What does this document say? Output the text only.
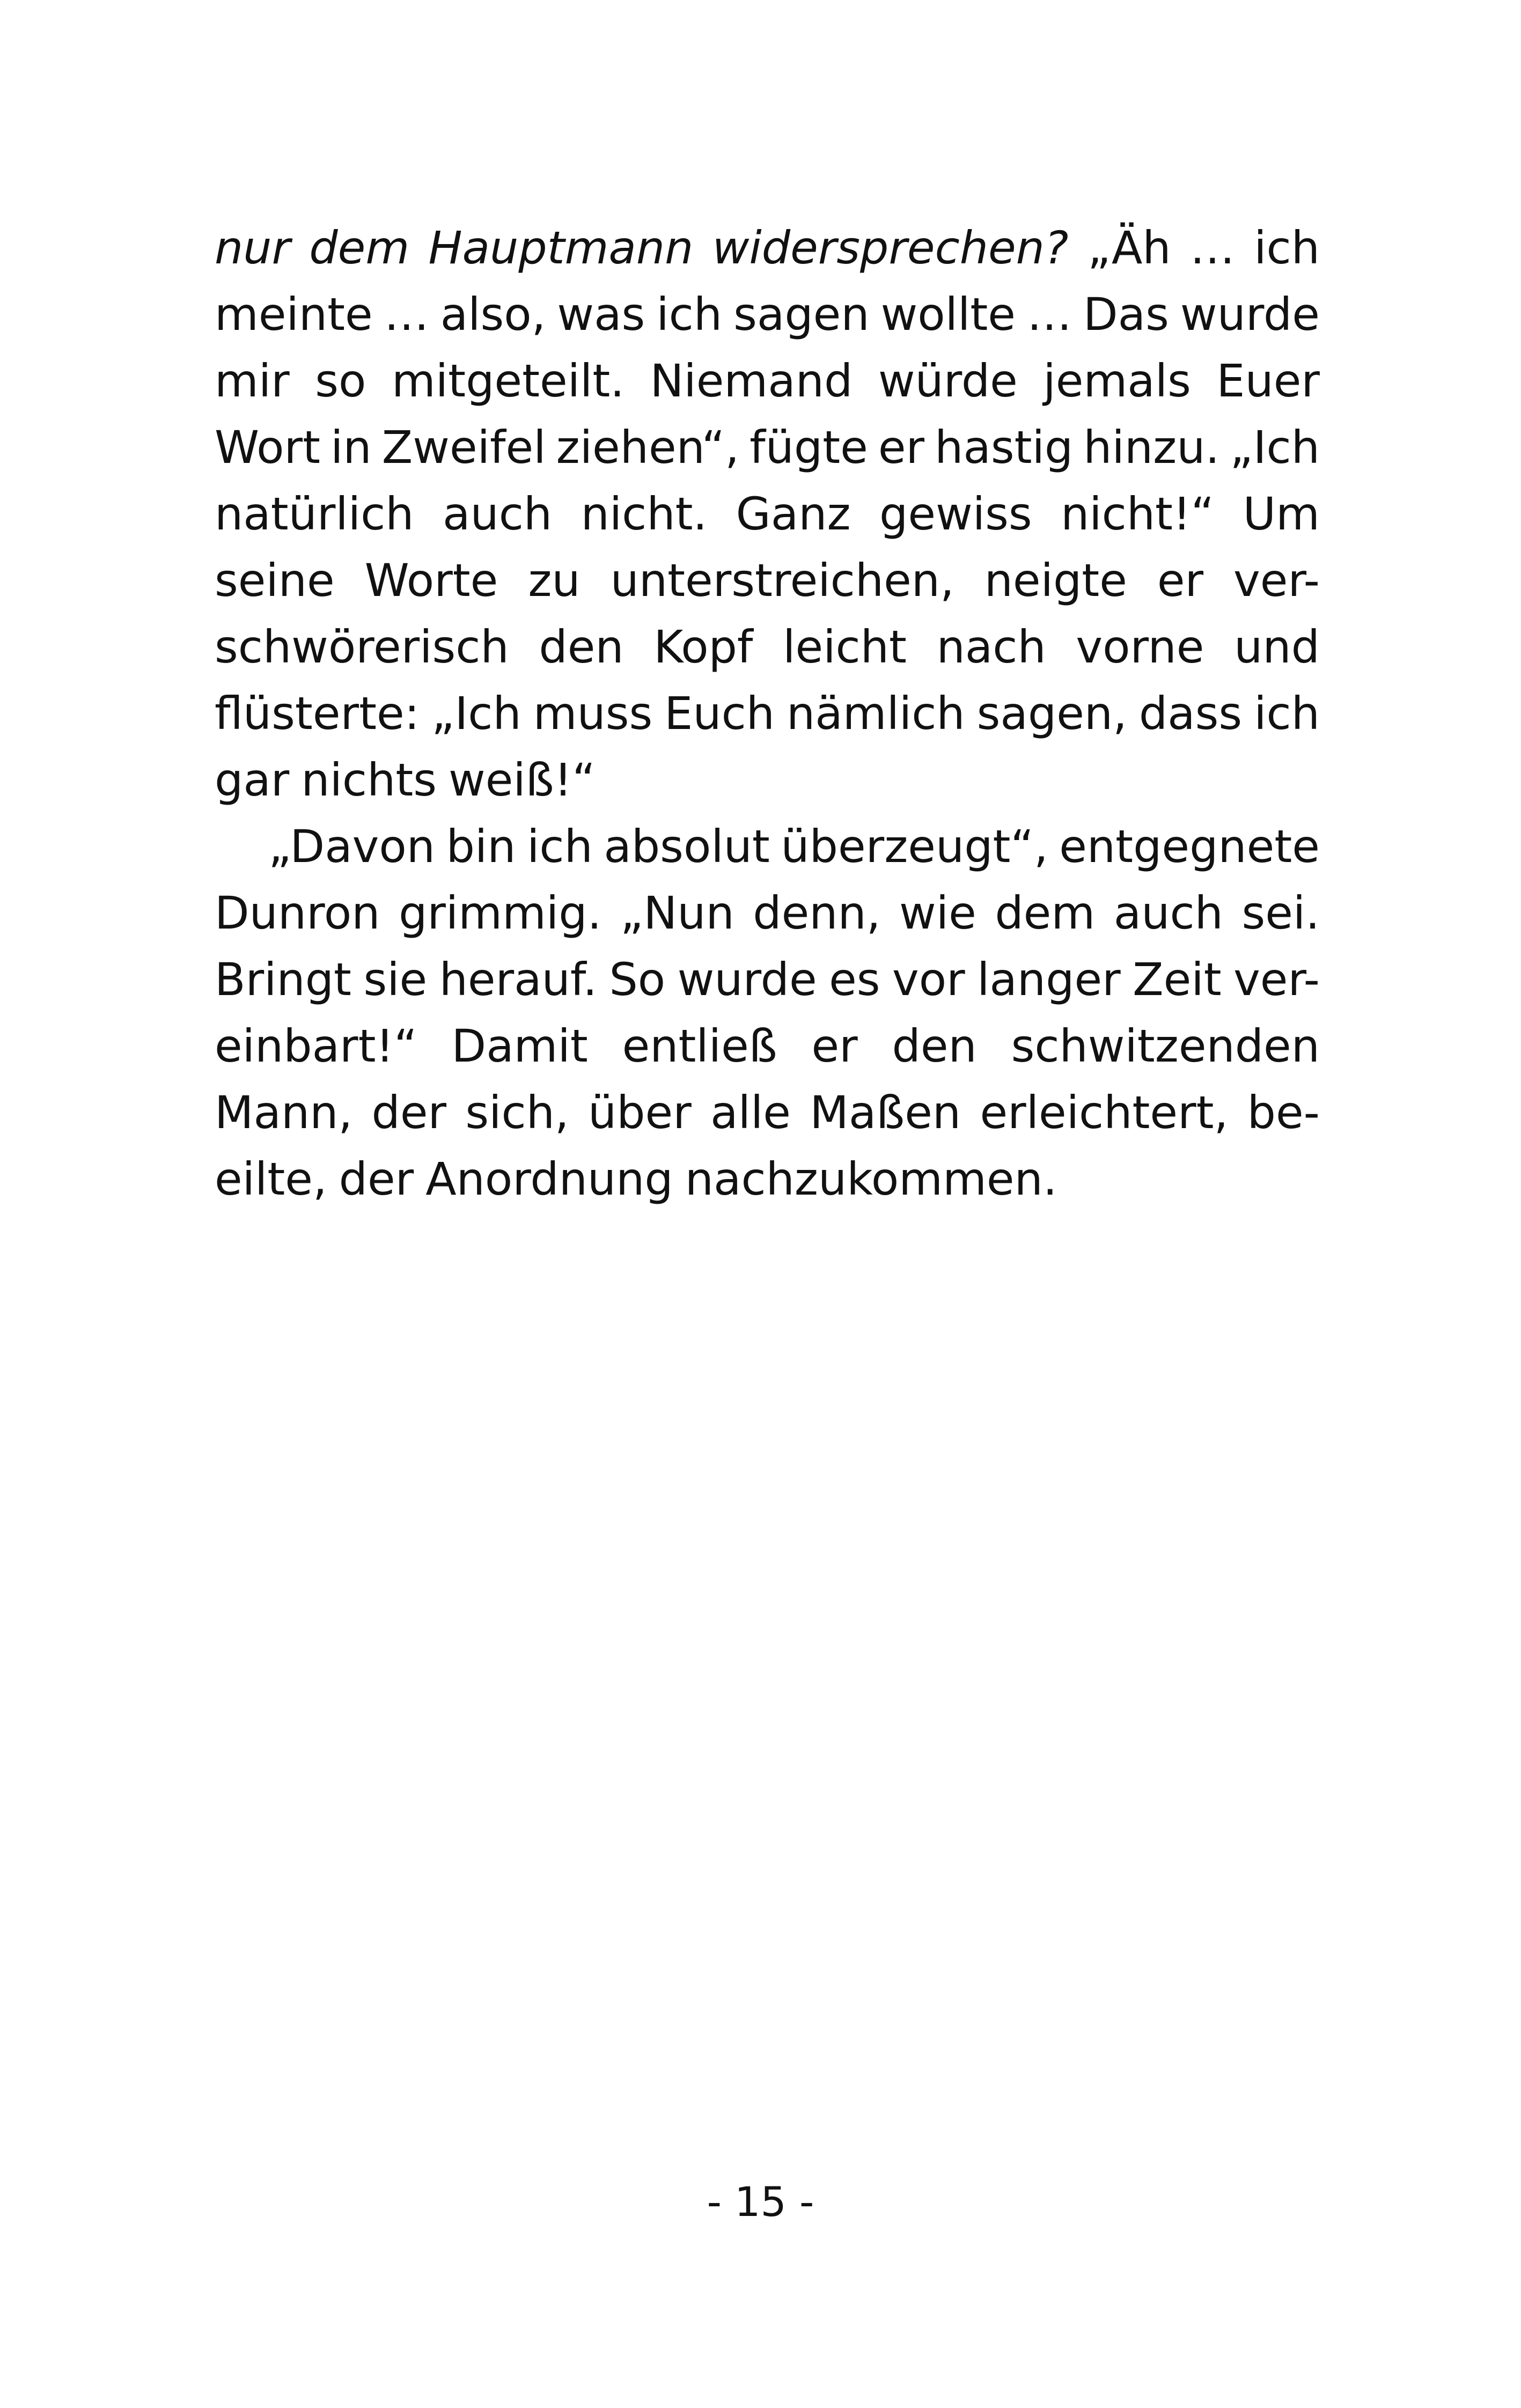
nur dem Hauptmann widersprechen? „Äh … ich
meinte … also, was ich sagen wollte … Das wurde
mir so mitgeteilt. Niemand würde jemals Euer
Wort in Zweifel ziehen“, fügte er hastig hinzu. „Ich
natürlich auch nicht. Ganz gewiss nicht!“ Um
seine Worte zu unterstreichen, neigte er ver-
schwörerisch den Kopf leicht nach vorne und
flüsterte: „Ich muss Euch nämlich sagen, dass ich
gar nichts weiß!“
„Davon bin ich absolut überzeugt“, entgegnete
Dunron grimmig. „Nun denn, wie dem auch sei.
Bringt sie herauf. So wurde es vor langer Zeit ver-
einbart!“ Damit entließ er den schwitzenden
Mann, der sich, über alle Maßen erleichtert, be-
eilte, der Anordnung nachzukommen.
- 15 -
